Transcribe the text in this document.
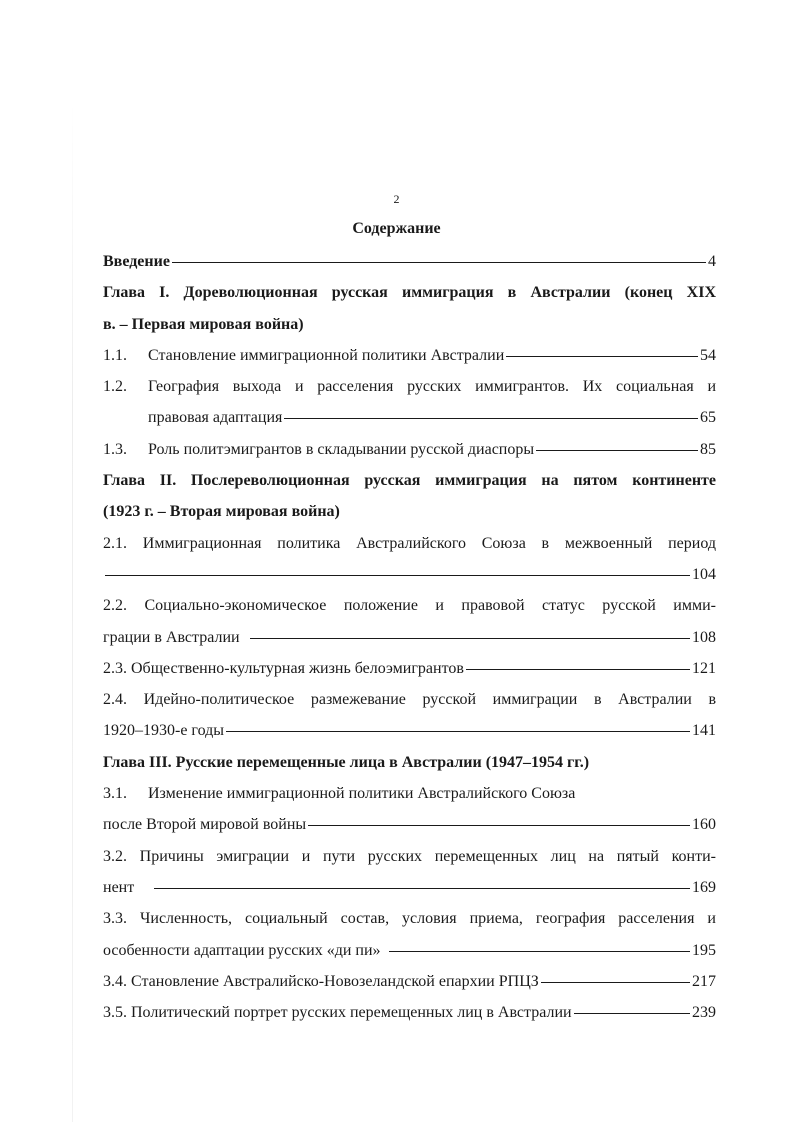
2
Содержание
Введение	4
Глава I. Дореволюционная русская иммиграция в Австралии (конец XIX
в. – Первая мировая война)
1.1.	Становление иммиграционной политики Австралии	54
1.2.	География выхода и расселения русских иммигрантов. Их социальная и
правовая адаптация	65
1.3.	Роль политэмигрантов в складывании русской диаспоры	85
Глава II. Послереволюционная русская иммиграция на пятом континенте
(1923 г. – Вторая мировая война)
2.1. Иммиграционная политика Австралийского Союза в межвоенный период
104
2.2. Социально-экономическое положение и правовой статус русской имми-
грации в Австралии	108
2.3. Общественно-культурная жизнь белоэмигрантов	121
2.4. Идейно-политическое размежевание русской иммиграции в Австралии в
1920–1930-е годы	141
Глава III. Русские перемещенные лица в Австралии (1947–1954 гг.)
3.1.	Изменение иммиграционной политики Австралийского Союза
после Второй мировой войны	160
3.2. Причины эмиграции и пути русских перемещенных лиц на пятый конти-
нент	169
3.3. Численность, социальный состав, условия приема, география расселения и
особенности адаптации русских «ди пи»	195
3.4. Становление Австралийско-Новозеландской епархии РПЦЗ	217
3.5. Политический портрет русских перемещенных лиц в Австралии	239
